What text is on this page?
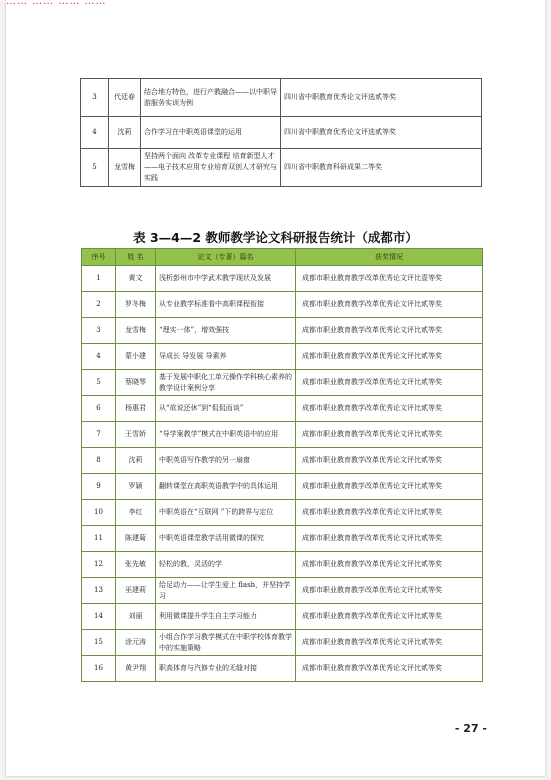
…… …… …… ……
3	代廷春	结合地方特色，进行产教融合——以中职导游服务实训为例	四川省中职教育优秀论文评选贰等奖
4	沈莉	合作学习在中职英语课堂的运用	四川省中职教育优秀论文评选贰等奖
5	龙雪梅	坚持两个面向 改革专业课程 培育新型人才——电子技术应用专业培育双创人才研究与实践	四川省中职教育科研成果二等奖
表 3—4—2 教师教学论文科研报告统计（成都市）
序号	姓 名	论文（专著）篇名	获奖情况
1	黄文	浅析彭州市中学武术教学现状及发展	成都市职业教育教学改革优秀论文评比壹等奖
2	罗冬梅	从专业教学标准看中高职课程衔接	成都市职业教育教学改革优秀论文评比贰等奖
3	龙雪梅	“理实一体”，增效强技	成都市职业教育教学改革优秀论文评比贰等奖
4	蒙小建	导成长 导发展 导素养	成都市职业教育教学改革优秀论文评比贰等奖
5	蔡晓琴	基于发展中职化工单元操作学科核心素养的教学设计案例分享	成都市职业教育教学改革优秀论文评比贰等奖
6	杨惠君	从“欲说还休”到“侃侃而谈”	成都市职业教育教学改革优秀论文评比贰等奖
7	王雪娇	“导学案教学”模式在中职英语中的应用	成都市职业教育教学改革优秀论文评比贰等奖
8	沈莉	中职英语写作教学的另一扇窗	成都市职业教育教学改革优秀论文评比贰等奖
9	罗颖	翻转课堂在高职英语教学中的具体运用	成都市职业教育教学改革优秀论文评比贰等奖
10	李红	中职英语在“互联网 ”下的跨界与定位	成都市职业教育教学改革优秀论文评比贰等奖
11	陈建菊	中职英语课堂教学活用微课的探究	成都市职业教育教学改革优秀论文评比贰等奖
12	张先敏	轻松的教，灵活的学	成都市职业教育教学改革优秀论文评比贰等奖
13	巫建莉	给足动力——让学生爱上 flash，并坚持学习	成都市职业教育教学改革优秀论文评比贰等奖
14	刘丽	利用微课提升学生自主学习能力	成都市职业教育教学改革优秀论文评比贰等奖
15	涂元涛	小组合作学习教学模式在中职学校体育教学中的实施策略	成都市职业教育教学改革优秀论文评比贰等奖
16	黄尹翔	职高体育与汽修专业的无缝对接	成都市职业教育教学改革优秀论文评比贰等奖
- 27 -
